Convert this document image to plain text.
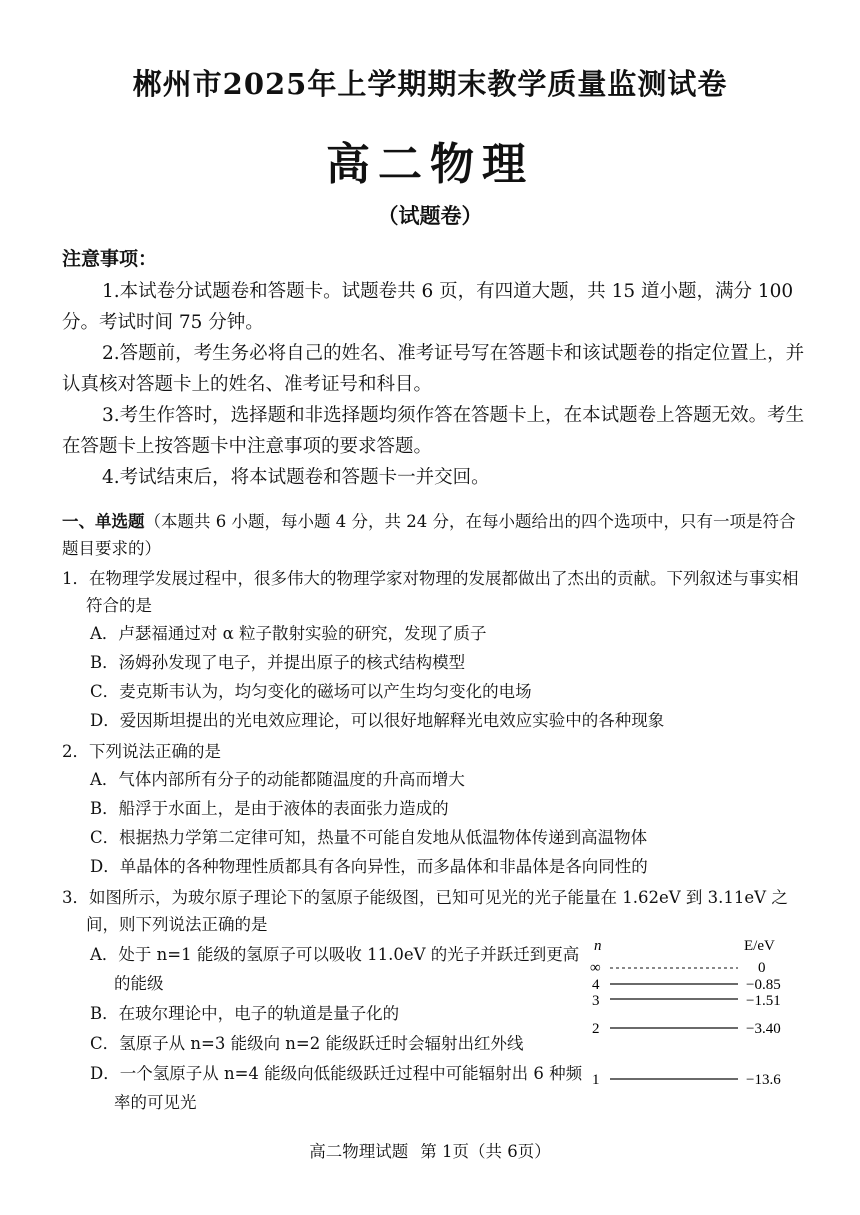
郴州市2025年上学期期末教学质量监测试卷
高二物理
（试题卷）
注意事项：

1.本试卷分试题卷和答题卡。试题卷共 6 页，有四道大题，共 15 道小题，满分 100 分。考试时间 75 分钟。

2.答题前，考生务必将自己的姓名、准考证号写在答题卡和该试题卷的指定位置上，并认真核对答题卡上的姓名、准考证号和科目。

3.考生作答时，选择题和非选择题均须作答在答题卡上，在本试题卷上答题无效。考生在答题卡上按答题卡中注意事项的要求答题。

4.考试结束后，将本试题卷和答题卡一并交回。

一、单选题（本题共 6 小题，每小题 4 分，共 24 分，在每小题给出的四个选项中，只有一项是符合题目要求的）

1．在物理学发展过程中，很多伟大的物理学家对物理的发展都做出了杰出的贡献。下列叙述与事实相符合的是

A．卢瑟福通过对 α 粒子散射实验的研究，发现了质子

B．汤姆孙发现了电子，并提出原子的核式结构模型

C．麦克斯韦认为，均匀变化的磁场可以产生均匀变化的电场

D．爱因斯坦提出的光电效应理论，可以很好地解释光电效应实验中的各种现象

2．下列说法正确的是

A．气体内部所有分子的动能都随温度的升高而增大

B．船浮于水面上，是由于液体的表面张力造成的

C．根据热力学第二定律可知，热量不可能自发地从低温物体传递到高温物体

D．单晶体的各种物理性质都具有各向异性，而多晶体和非晶体是各向同性的

3．如图所示，为玻尔原子理论下的氢原子能级图，已知可见光的光子能量在 1.62eV 到 3.11eV 之间，则下列说法正确的是

A．处于 n=1 能级的氢原子可以吸收 11.0eV 的光子并跃迁到更高的能级

B．在玻尔理论中，电子的轨道是量子化的

C．氢原子从 n=3 能级向 n=2 能级跃迁时会辐射出红外线

D．一个氢原子从 n=4 能级向低能级跃迁过程中可能辐射出 6 种频率的可见光

n	E/eV
∞	0
4	−0.85
3	−1.51
2	−3.40
1	−13.6
高二物理试题 第 1页（共 6页）
